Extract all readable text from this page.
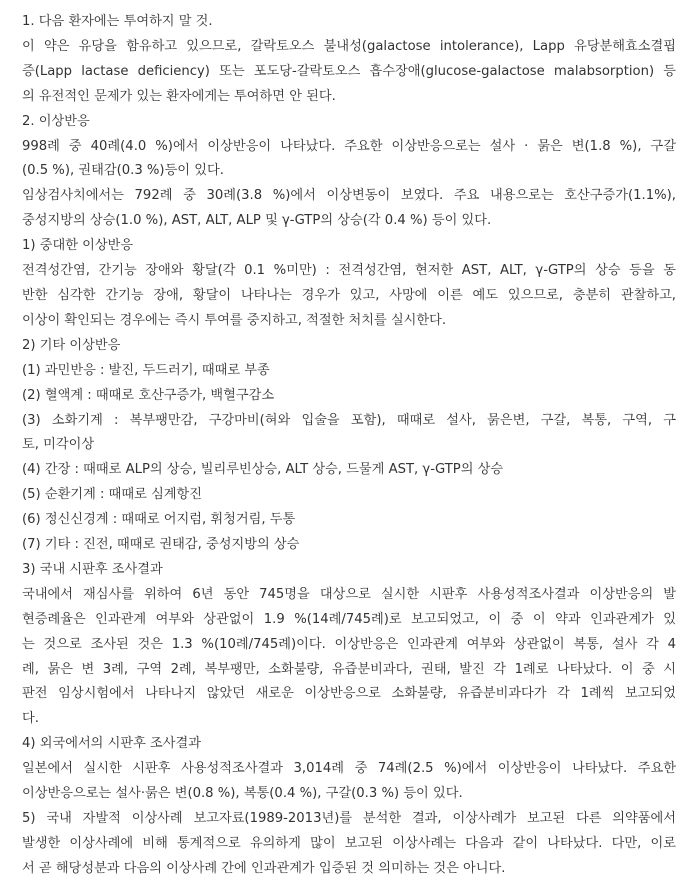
1. 다음 환자에는 투여하지 말 것.
이 약은 유당을 함유하고 있으므로, 갈락토오스 불내성(galactose intolerance), Lapp 유당분해효소결핍
증(Lapp lactase deficiency) 또는 포도당-갈락토오스 흡수장애(glucose-galactose malabsorption) 등
의 유전적인 문제가 있는 환자에게는 투여하면 안 된다.
2. 이상반응
998례 중 40례(4.0 %)에서 이상반응이 나타났다. 주요한 이상반응으로는 설사 · 묽은 변(1.8 %), 구갈
(0.5 %), 권태감(0.3 %)등이 있다.
임상검사치에서는 792례 중 30례(3.8 %)에서 이상변동이 보였다. 주요 내용으로는 호산구증가(1.1%),
중성지방의 상승(1.0 %), AST, ALT, ALP 및 γ-GTP의 상승(각 0.4 %) 등이 있다.
1) 중대한 이상반응
전격성간염, 간기능 장애와 황달(각 0.1 %미만) : 전격성간염, 현저한 AST, ALT, γ-GTP의 상승 등을 동
반한 심각한 간기능 장애, 황달이 나타나는 경우가 있고, 사망에 이른 예도 있으므로, 충분히 관찰하고,
이상이 확인되는 경우에는 즉시 투여를 중지하고, 적절한 처치를 실시한다.
2) 기타 이상반응
(1) 과민반응 : 발진, 두드러기, 때때로 부종
(2) 혈액계 : 때때로 호산구증가, 백혈구감소
(3) 소화기계 : 복부팽만감, 구강마비(혀와 입술을 포함), 때때로 설사, 묽은변, 구갈, 복통, 구역, 구
토, 미각이상
(4) 간장 : 때때로 ALP의 상승, 빌리루빈상승, ALT 상승, 드물게 AST, γ-GTP의 상승
(5) 순환기계 : 때때로 심계항진
(6) 정신신경계 : 때때로 어지럼, 휘청거림, 두통
(7) 기타 : 진전, 때때로 권태감, 중성지방의 상승
3) 국내 시판후 조사결과
국내에서 재심사를 위하여 6년 동안 745명을 대상으로 실시한 시판후 사용성적조사결과 이상반응의 발
현증례율은 인과관계 여부와 상관없이 1.9 %(14례/745례)로 보고되었고, 이 중 이 약과 인과관계가 있
는 것으로 조사된 것은 1.3 %(10례/745례)이다. 이상반응은 인과관계 여부와 상관없이 복통, 설사 각 4
례, 묽은 변 3례, 구역 2례, 복부팽만, 소화불량, 유즙분비과다, 권태, 발진 각 1례로 나타났다. 이 중 시
판전 임상시험에서 나타나지 않았던 새로운 이상반응으로 소화불량, 유즙분비과다가 각 1례씩 보고되었
다.
4) 외국에서의 시판후 조사결과
일본에서 실시한 시판후 사용성적조사결과 3,014례 중 74례(2.5 %)에서 이상반응이 나타났다. 주요한
이상반응으로는 설사·묽은 변(0.8 %), 복통(0.4 %), 구갈(0.3 %) 등이 있다.
5) 국내 자발적 이상사례 보고자료(1989-2013년)를 분석한 결과, 이상사례가 보고된 다른 의약품에서
발생한 이상사례에 비해 통계적으로 유의하게 많이 보고된 이상사례는 다음과 같이 나타났다. 다만, 이로
서 곧 해당성분과 다음의 이상사례 간에 인과관계가 입증된 것 의미하는 것은 아니다.
